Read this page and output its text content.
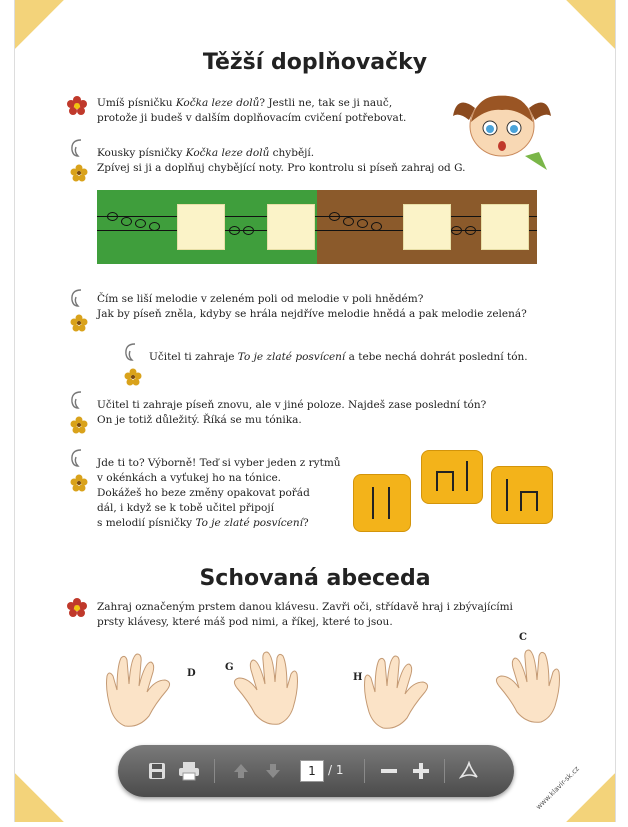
Těžší doplňovačky
Umíš písničku Kočka leze dolů? Jestli ne, tak se ji nauč,
protože ji budeš v dalším doplňovacím cvičení potřebovat.
Kousky písničky Kočka leze dolů chybějí.
Zpívej si ji a doplňuj chybějící noty. Pro kontrolu si píseň zahraj od G.
Čím se liší melodie v zeleném poli od melodie v poli hnědém?
Jak by píseň zněla, kdyby se hrála nejdříve melodie hnědá a pak melodie zelená?
Učitel ti zahraje To je zlaté posvícení a tebe nechá dohrát poslední tón.
Učitel ti zahraje píseň znovu, ale v jiné poloze. Najdeš zase poslední tón?
On je totiž důležitý. Říká se mu tónika.
Jde ti to? Výborně! Teď si vyber jeden z rytmů
v okénkách a vyťukej ho na tónice.
Dokážeš ho beze změny opakovat pořád
dál, i když se k tobě učitel připojí
s melodií písničky To je zlaté posvícení?
Schovaná abeceda
Zahraj označeným prstem danou klávesu. Zavři oči, střídavě hraj i zbývajícími
prsty klávesy, které máš pod nimi, a říkej, které to jsou.
D
G
H
C
www.klavir-sk.cz
1	/ 1
